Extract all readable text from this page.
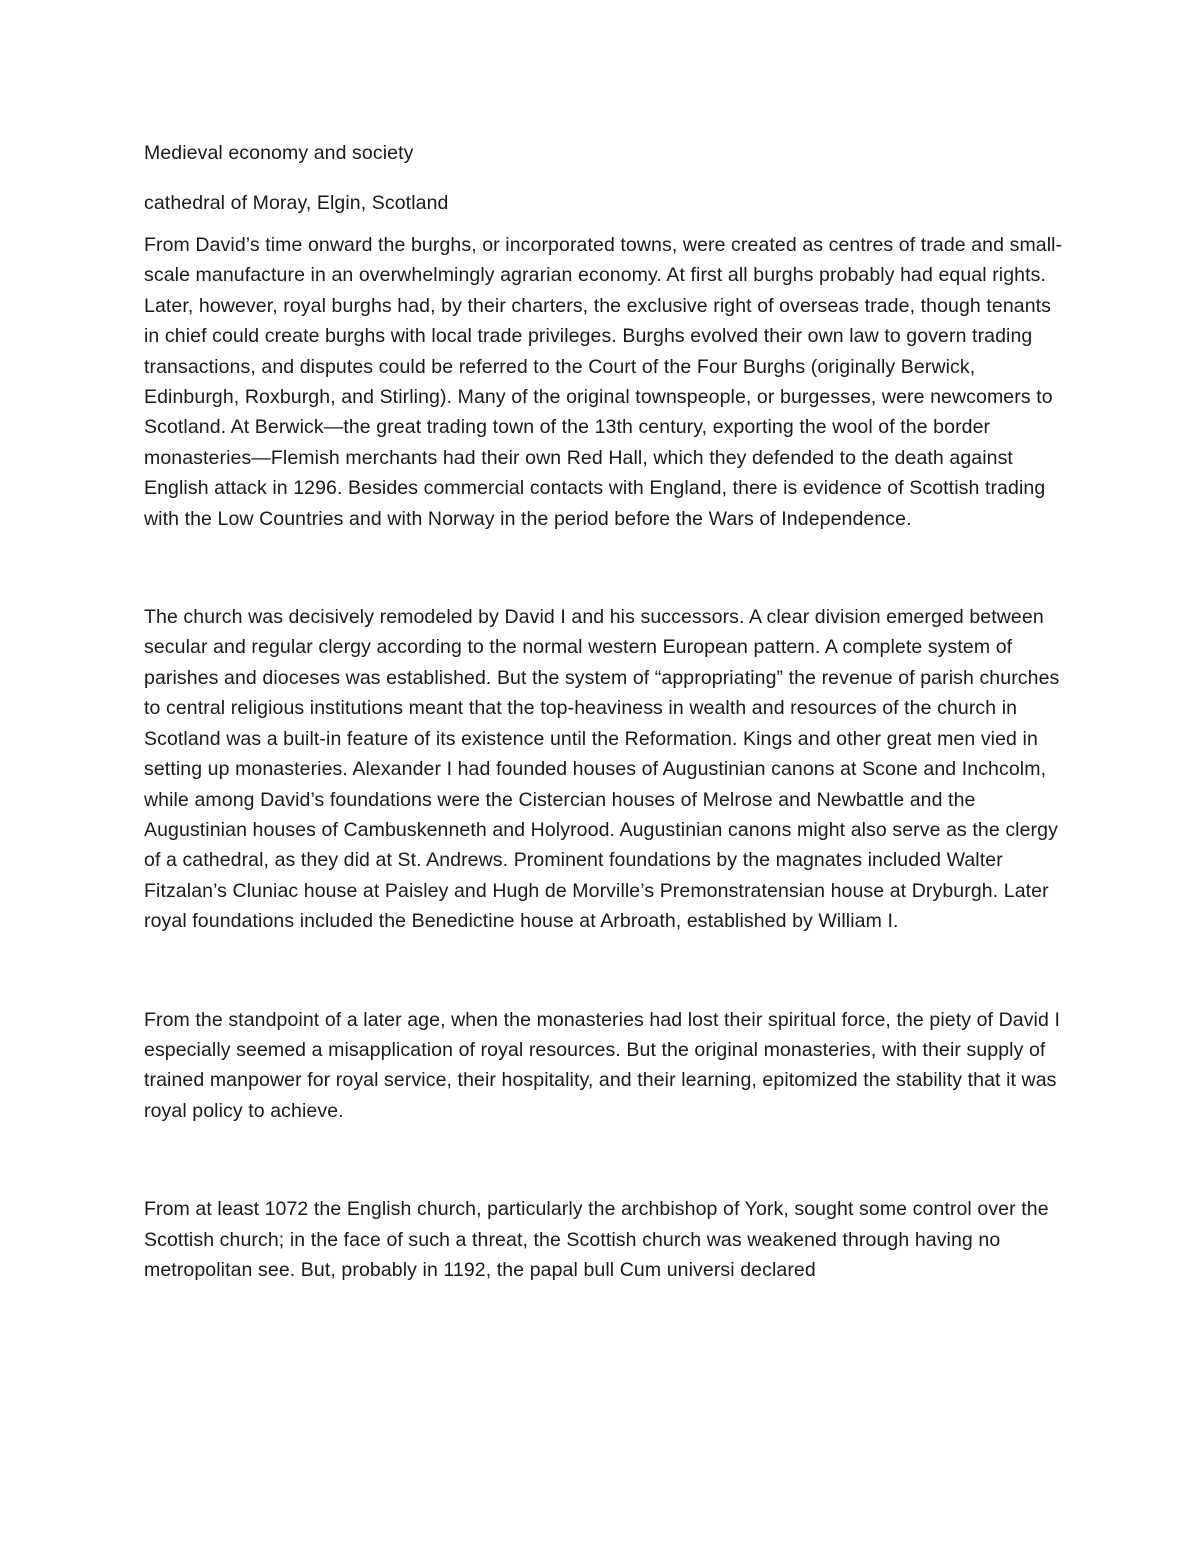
Medieval economy and society

cathedral of Moray, Elgin, Scotland

From David’s time onward the burghs, or incorporated towns, were created as centres of trade and small-scale manufacture in an overwhelmingly agrarian economy. At first all burghs probably had equal rights. Later, however, royal burghs had, by their charters, the exclusive right of overseas trade, though tenants in chief could create burghs with local trade privileges. Burghs evolved their own law to govern trading transactions, and disputes could be referred to the Court of the Four Burghs (originally Berwick, Edinburgh, Roxburgh, and Stirling). Many of the original townspeople, or burgesses, were newcomers to Scotland. At Berwick—the great trading town of the 13th century, exporting the wool of the border monasteries—Flemish merchants had their own Red Hall, which they defended to the death against English attack in 1296. Besides commercial contacts with England, there is evidence of Scottish trading with the Low Countries and with Norway in the period before the Wars of Independence.

The church was decisively remodeled by David I and his successors. A clear division emerged between secular and regular clergy according to the normal western European pattern. A complete system of parishes and dioceses was established. But the system of “appropriating” the revenue of parish churches to central religious institutions meant that the top-heaviness in wealth and resources of the church in Scotland was a built-in feature of its existence until the Reformation. Kings and other great men vied in setting up monasteries. Alexander I had founded houses of Augustinian canons at Scone and Inchcolm, while among David’s foundations were the Cistercian houses of Melrose and Newbattle and the Augustinian houses of Cambuskenneth and Holyrood. Augustinian canons might also serve as the clergy of a cathedral, as they did at St. Andrews. Prominent foundations by the magnates included Walter Fitzalan’s Cluniac house at Paisley and Hugh de Morville’s Premonstratensian house at Dryburgh. Later royal foundations included the Benedictine house at Arbroath, established by William I.

From the standpoint of a later age, when the monasteries had lost their spiritual force, the piety of David I especially seemed a misapplication of royal resources. But the original monasteries, with their supply of trained manpower for royal service, their hospitality, and their learning, epitomized the stability that it was royal policy to achieve.

From at least 1072 the English church, particularly the archbishop of York, sought some control over the Scottish church; in the face of such a threat, the Scottish church was weakened through having no metropolitan see. But, probably in 1192, the papal bull Cum universi declared
